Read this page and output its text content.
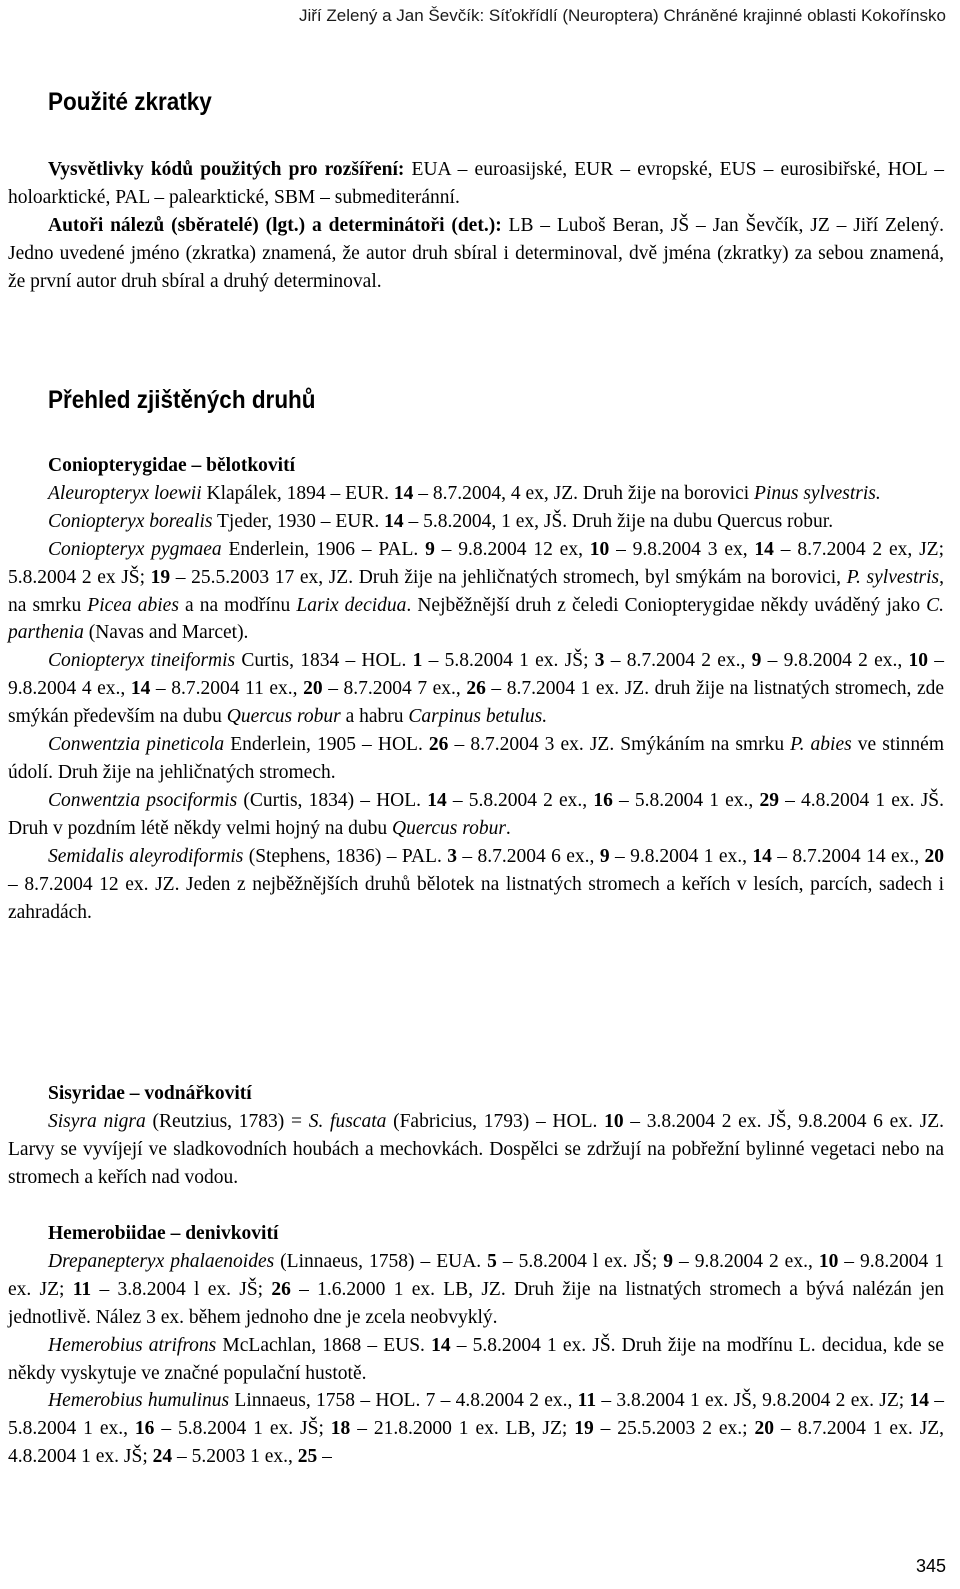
Jiří Zelený a Jan Ševčík: Síťokřídlí (Neuroptera) Chráněné krajinné oblasti Kokořínsko
Použité zkratky

Vysvětlivky kódů použitých pro rozšíření: EUA – euroasijské, EUR – evropské, EUS – eurosibiřské, HOL – holoarktické, PAL – palearktické, SBM – submediteránní.

Autoři nálezů (sběratelé) (lgt.) a determinátoři (det.): LB – Luboš Beran, JŠ – Jan Ševčík, JZ – Jiří Zelený. Jedno uvedené jméno (zkratka) znamená, že autor druh sbíral i determinoval, dvě jména (zkratky) za sebou znamená, že první autor druh sbíral a druhý determinoval.

Přehled zjištěných druhů

Coniopterygidae – bělotkovití

Aleuropteryx loewii Klapálek, 1894 – EUR. 14 – 8.7.2004, 4 ex, JZ. Druh žije na borovici Pinus sylvestris.

Coniopteryx borealis Tjeder, 1930 – EUR. 14 – 5.8.2004, 1 ex, JŠ. Druh žije na dubu Quercus robur.

Coniopteryx pygmaea Enderlein, 1906 – PAL. 9 – 9.8.2004 12 ex, 10 – 9.8.2004 3 ex, 14 – 8.7.2004 2 ex, JZ; 5.8.2004 2 ex JŠ; 19 – 25.5.2003 17 ex, JZ. Druh žije na jehličnatých stromech, byl smýkám na borovici, P. sylvestris, na smrku Picea abies a na modřínu Larix decidua. Nejběžnější druh z čeledi Coniopterygidae někdy uváděný jako C. parthenia (Navas and Marcet).

Coniopteryx tineiformis Curtis, 1834 – HOL. 1 – 5.8.2004 1 ex. JŠ; 3 – 8.7.2004 2 ex., 9 – 9.8.2004 2 ex., 10 – 9.8.2004 4 ex., 14 – 8.7.2004 11 ex., 20 – 8.7.2004 7 ex., 26 – 8.7.2004 1 ex. JZ. druh žije na listnatých stromech, zde smýkán především na dubu Quercus robur a habru Carpinus betulus.

Conwentzia pineticola Enderlein, 1905 – HOL. 26 – 8.7.2004 3 ex. JZ. Smýkáním na smrku P. abies ve stinném údolí. Druh žije na jehličnatých stromech.

Conwentzia psociformis (Curtis, 1834) – HOL. 14 – 5.8.2004 2 ex., 16 – 5.8.2004 1 ex., 29 – 4.8.2004 1 ex. JŠ. Druh v pozdním létě někdy velmi hojný na dubu Quercus robur.

Semidalis aleyrodiformis (Stephens, 1836) – PAL. 3 – 8.7.2004 6 ex., 9 – 9.8.2004 1 ex., 14 – 8.7.2004 14 ex., 20 – 8.7.2004 12 ex. JZ. Jeden z nejběžnějších druhů bělotek na listnatých stromech a keřích v lesích, parcích, sadech i zahradách.

Sisyridae – vodnářkovití

Sisyra nigra (Reutzius, 1783) = S. fuscata (Fabricius, 1793) – HOL. 10 – 3.8.2004 2 ex. JŠ, 9.8.2004 6 ex. JZ. Larvy se vyvíjejí ve sladkovodních houbách a mechovkách. Dospělci se zdržují na pobřežní bylinné vegetaci nebo na stromech a keřích nad vodou.

Hemerobiidae – denivkovití

Drepanepteryx phalaenoides (Linnaeus, 1758) – EUA. 5 – 5.8.2004 l ex. JŠ; 9 – 9.8.2004 2 ex., 10 – 9.8.2004 1 ex. JZ; 11 – 3.8.2004 l ex. JŠ; 26 – 1.6.2000 1 ex. LB, JZ. Druh žije na listnatých stromech a bývá nalézán jen jednotlivě. Nález 3 ex. během jednoho dne je zcela neobvyklý.

Hemerobius atrifrons McLachlan, 1868 – EUS. 14 – 5.8.2004 1 ex. JŠ. Druh žije na modřínu L. decidua, kde se někdy vyskytuje ve značné populační hustotě.

Hemerobius humulinus Linnaeus, 1758 – HOL. 7 – 4.8.2004 2 ex., 11 – 3.8.2004 1 ex. JŠ, 9.8.2004 2 ex. JZ; 14 – 5.8.2004 1 ex., 16 – 5.8.2004 1 ex. JŠ; 18 – 21.8.2000 1 ex. LB, JZ; 19 – 25.5.2003 2 ex.; 20 – 8.7.2004 1 ex. JZ, 4.8.2004 1 ex. JŠ; 24 – 5.2003 1 ex., 25 –

345
